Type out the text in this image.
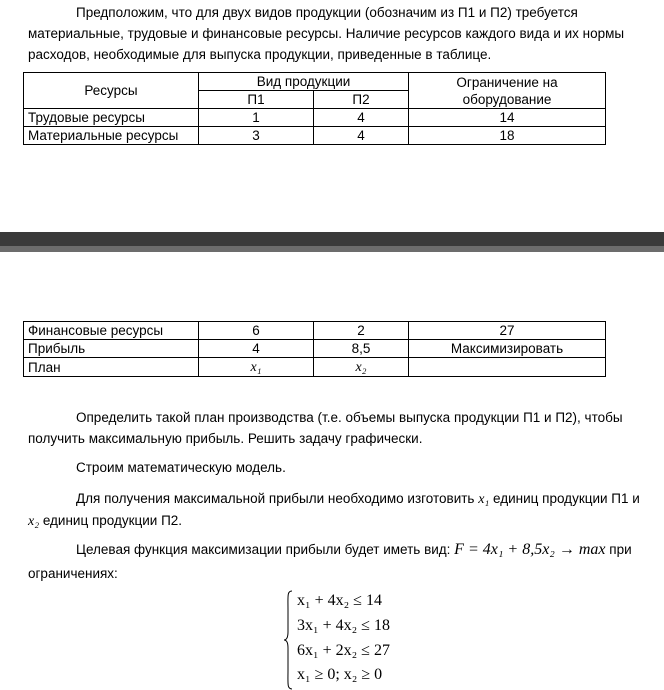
Предположим, что для двух видов продукции (обозначим из П1 и П2) требуется материальные, трудовые и финансовые ресурсы. Наличие ресурсов каждого вида и их нормы расходов, необходимые для выпуска продукции, приведенные в таблице.

Ресурсы	Вид продукции		Ограничение на оборудование
	П1	П2	
Трудовые ресурсы	1	4	14
Материальные ресурсы	3	4	18
Финансовые ресурсы	6	2	27
Прибыль	4	8,5	Максимизировать
План	x₁	x₂	

Определить такой план производства (т.е. объемы выпуска продукции П1 и П2), чтобы получить максимальную прибыль. Решить задачу графически.

Строим математическую модель.

Для получения максимальной прибыли необходимо изготовить x₁ единиц продукции П1 и x₂ единиц продукции П2.

Целевая функция максимизации прибыли будет иметь вид: F = 4x₁ + 8,5x₂ → max при ограничениях:

x₁ + 4x₂ ≤ 14
3x₁ + 4x₂ ≤ 18
6x₁ + 2x₂ ≤ 27
x₁ ≥ 0; x₂ ≥ 0
